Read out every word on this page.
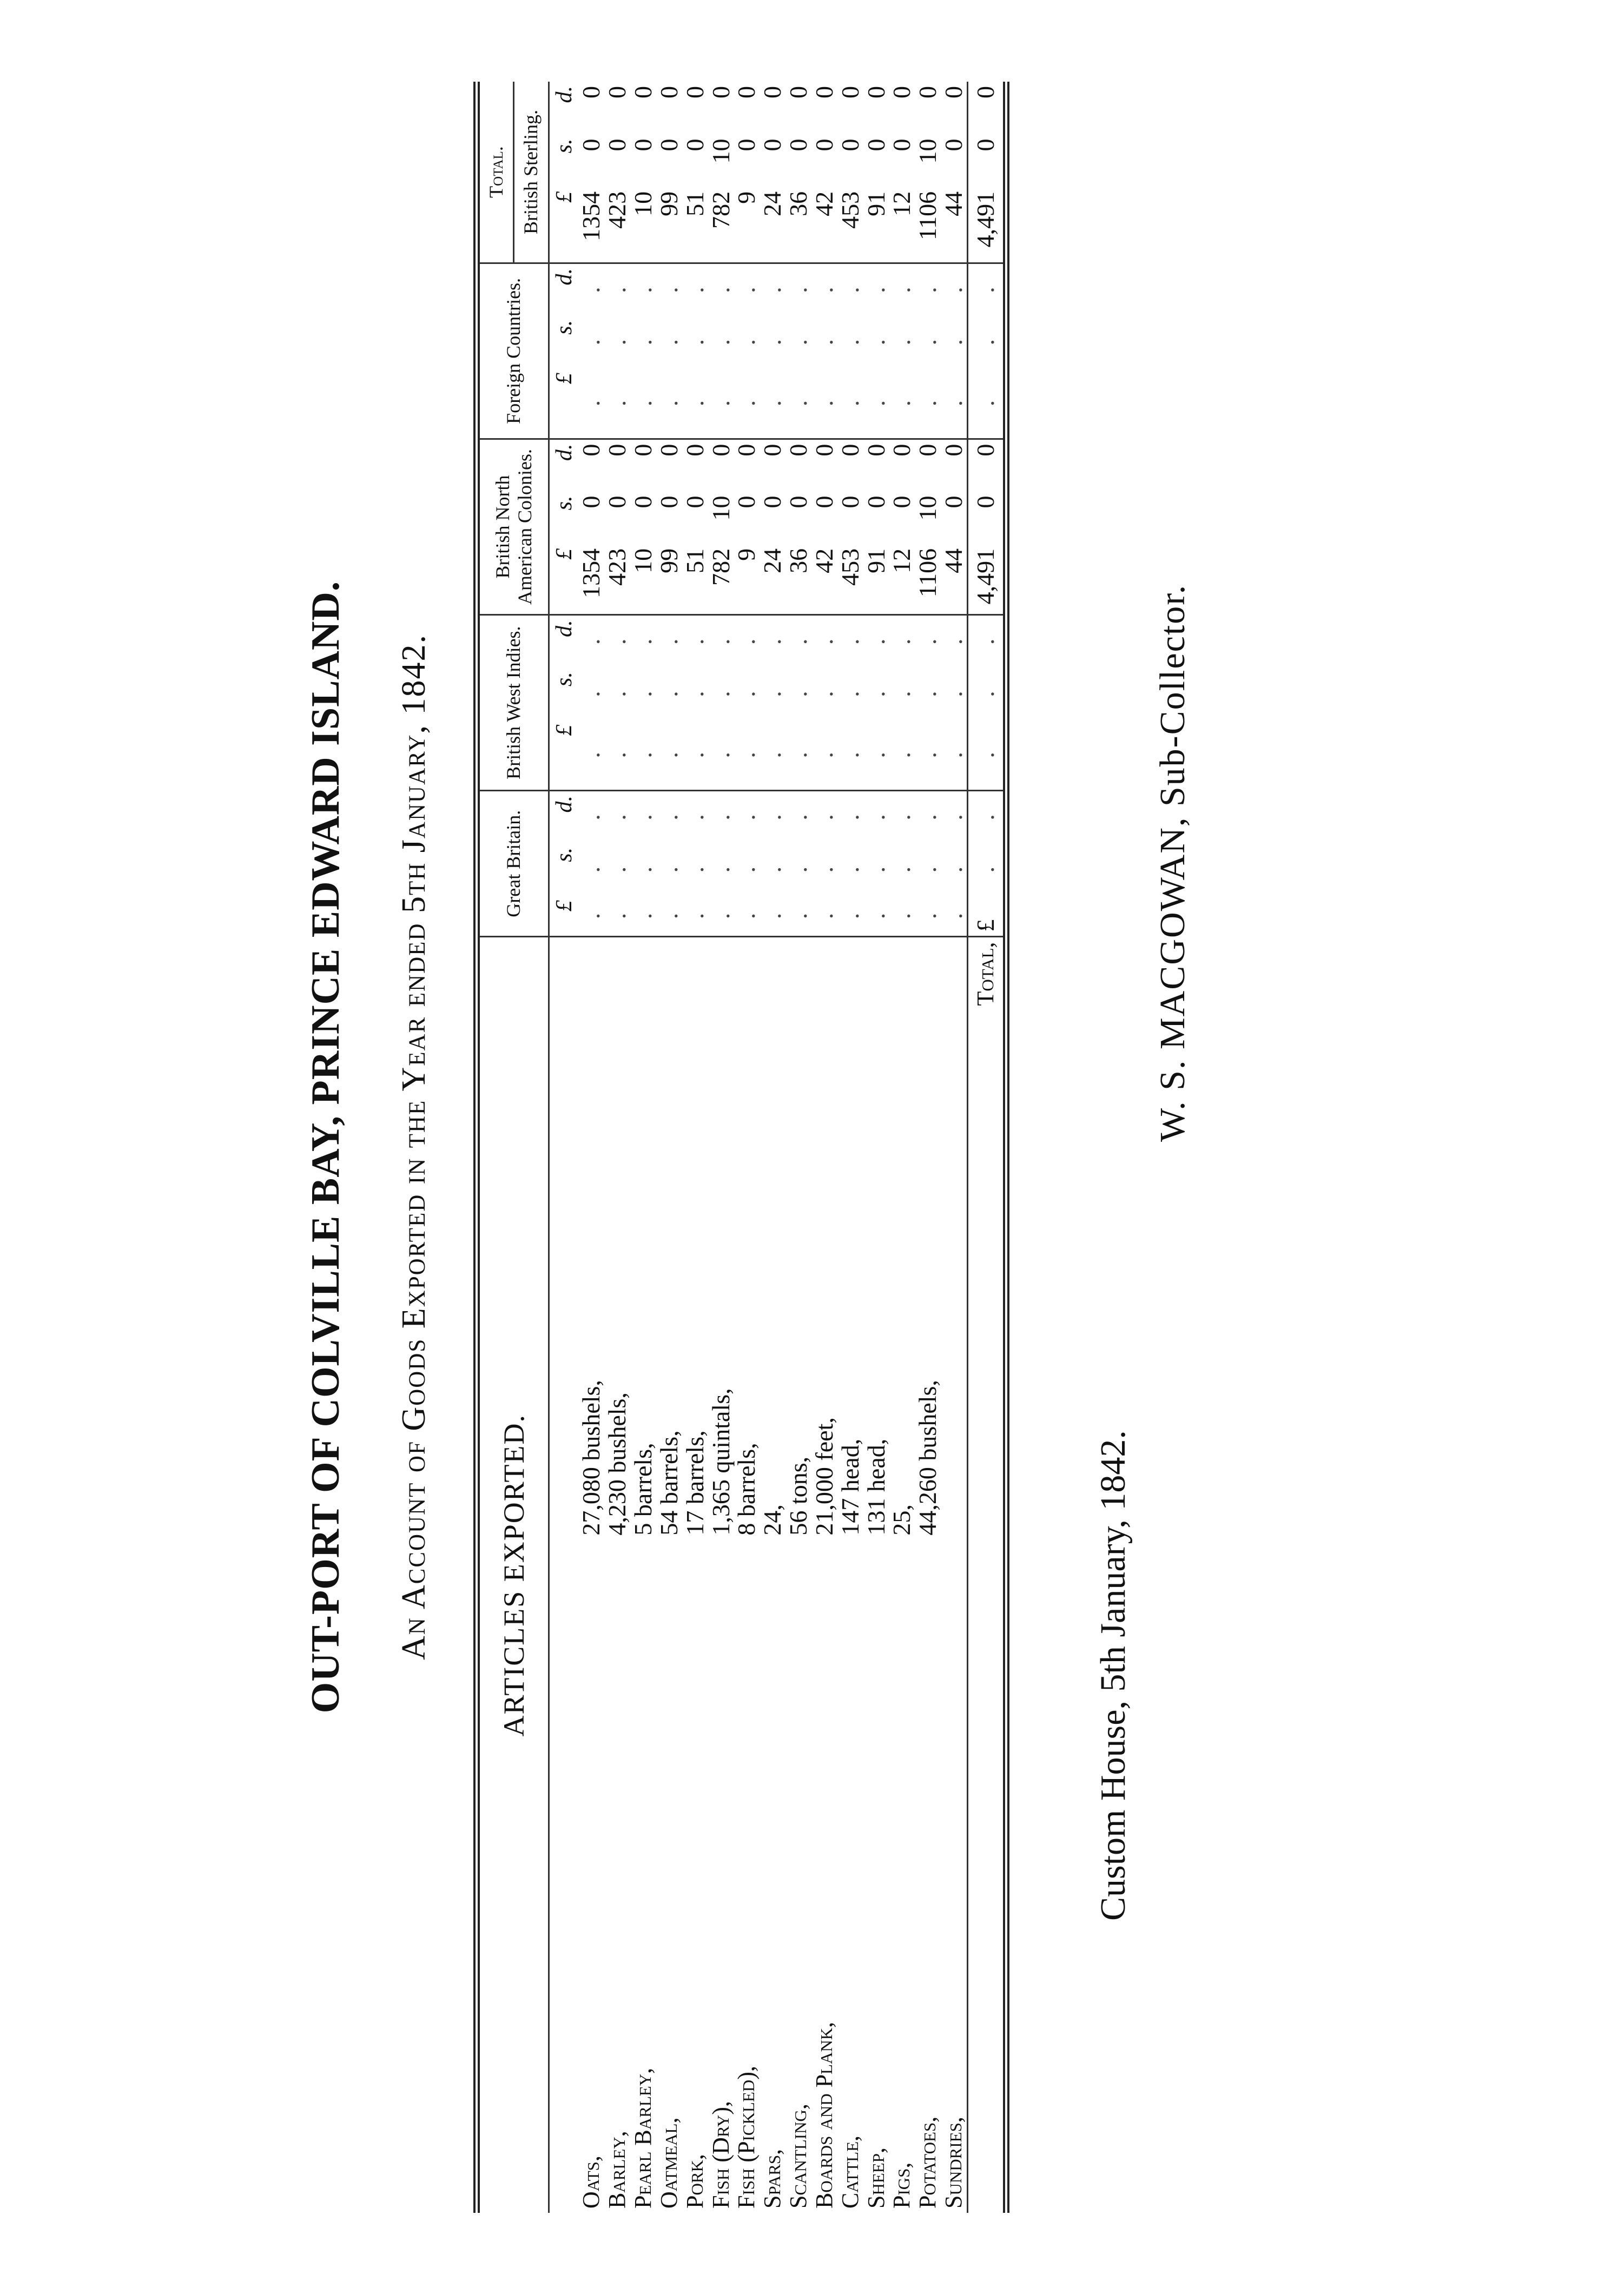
OUT-PORT OF COLVILLE BAY, PRINCE EDWARD ISLAND. An Account of Goods Exported in the Year ended 5th January, 1842. ARTICLES EXPORTED.		Great Britain.			British West Indies.			British North American Colonies.			Foreign Countries.			Total.		
														British Sterling.		
		£	s.	d.	£	s.	d.	£	s.	d.	£	s.	d.	£	s.	d.
Oats,	27,080 bushels,	.	.	.	.	.	.	1354	0	0	.	.	.	1354	0	0
Barley,	4,230 bushels,	.	.	.	.	.	.	423	0	0	.	.	.	423	0	0
Pearl Barley,	5 barrels,	.	.	.	.	.	.	10	0	0	.	.	.	10	0	0
Oatmeal,	54 barrels,	.	.	.	.	.	.	99	0	0	.	.	.	99	0	0
Pork,	17 barrels,	.	.	.	.	.	.	51	0	0	.	.	.	51	0	0
Fish (Dry),	1,365 quintals,	.	.	.	.	.	.	782	10	0	.	.	.	782	10	0
Fish (Pickled),	8 barrels,	.	.	.	.	.	.	9	0	0	.	.	.	9	0	0
Spars,	24,	.	.	.	.	.	.	24	0	0	.	.	.	24	0	0
Scantling,	56 tons,	.	.	.	.	.	.	36	0	0	.	.	.	36	0	0
Boards and Plank,	21,000 feet,	.	.	.	.	.	.	42	0	0	.	.	.	42	0	0
Cattle,	147 head,	.	.	.	.	.	.	453	0	0	.	.	.	453	0	0
Sheep,	131 head,	.	.	.	.	.	.	91	0	0	.	.	.	91	0	0
Pigs,	25,	.	.	.	.	.	.	12	0	0	.	.	.	12	0	0
Potatoes,	44,260 bushels,	.	.	.	.	.	.	1106	10	0	.	.	.	1106	10	0
Sundries,		.	.	.	.	.	.	44	0	0	.	.	.	44	0	0
Total,		£	.	.	.	.	.	4,491	0	0	.	.	.	4,491	0	0
Custom House, 5th January, 1842.
W. S. MACGOWAN, Sub-Collector.
